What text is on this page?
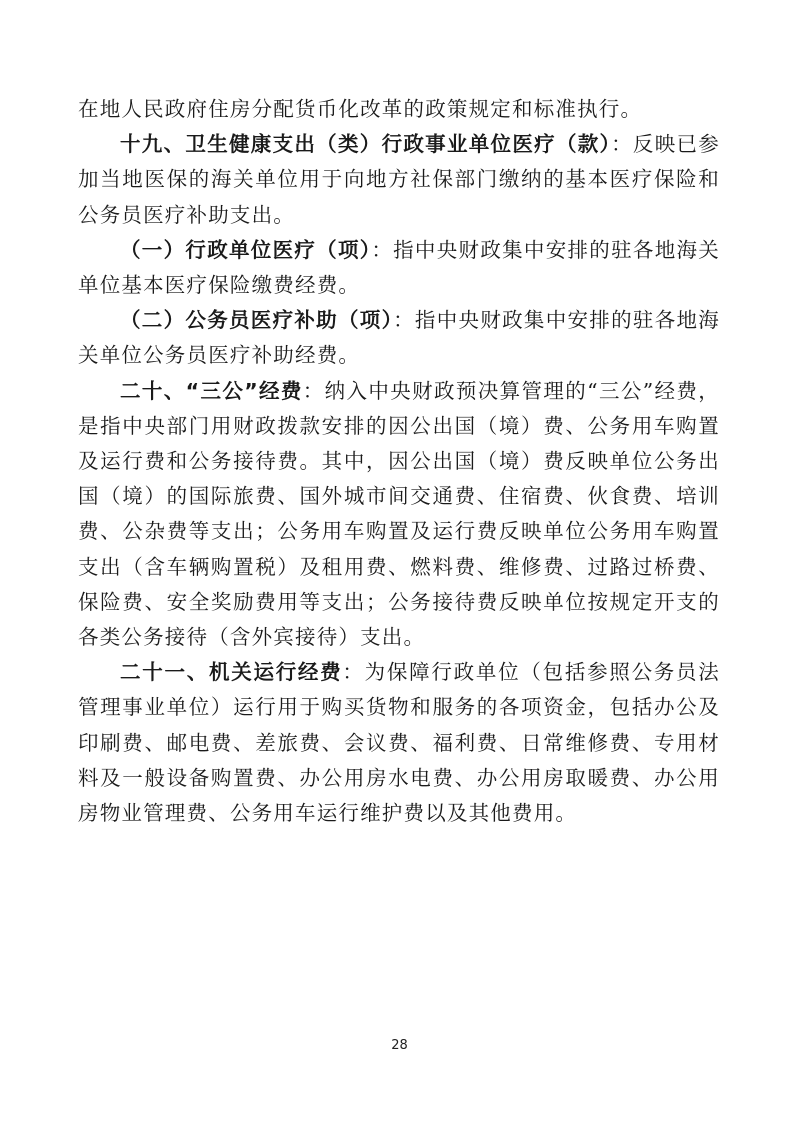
在地人民政府住房分配货币化改革的政策规定和标准执行。

十九、卫生健康支出（类）行政事业单位医疗（款）：反映已参加当地医保的海关单位用于向地方社保部门缴纳的基本医疗保险和公务员医疗补助支出。

（一）行政单位医疗（项）：指中央财政集中安排的驻各地海关单位基本医疗保险缴费经费。

（二）公务员医疗补助（项）：指中央财政集中安排的驻各地海关单位公务员医疗补助经费。

二十、“三公”经费：纳入中央财政预决算管理的“三公”经费，是指中央部门用财政拨款安排的因公出国（境）费、公务用车购置及运行费和公务接待费。其中，因公出国（境）费反映单位公务出国（境）的国际旅费、国外城市间交通费、住宿费、伙食费、培训费、公杂费等支出；公务用车购置及运行费反映单位公务用车购置支出（含车辆购置税）及租用费、燃料费、维修费、过路过桥费、保险费、安全奖励费用等支出；公务接待费反映单位按规定开支的各类公务接待（含外宾接待）支出。

二十一、机关运行经费：为保障行政单位（包括参照公务员法管理事业单位）运行用于购买货物和服务的各项资金，包括办公及印刷费、邮电费、差旅费、会议费、福利费、日常维修费、专用材料及一般设备购置费、办公用房水电费、办公用房取暖费、办公用房物业管理费、公务用车运行维护费以及其他费用。

28
